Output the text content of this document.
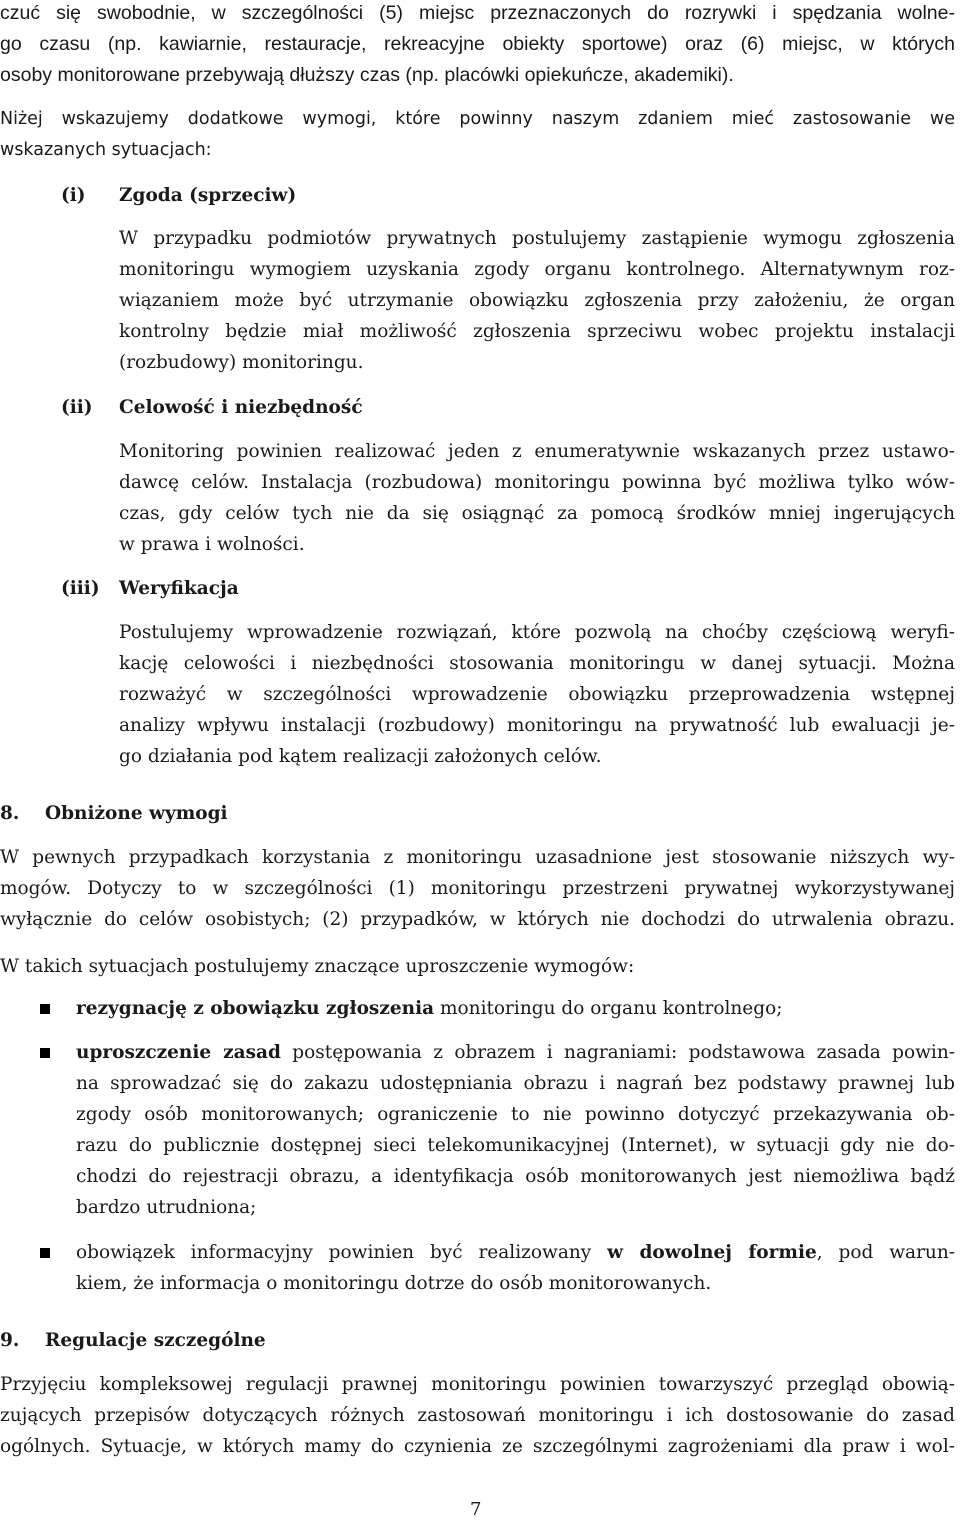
czuć się swobodnie, w szczególności (5) miejsc przeznaczonych do rozrywki i spędzania wolne-
go czasu (np. kawiarnie, restauracje, rekreacyjne obiekty sportowe) oraz (6) miejsc, w których
osoby monitorowane przebywają dłuższy czas (np. placówki opiekuńcze, akademiki).
Niżej wskazujemy dodatkowe wymogi, które powinny naszym zdaniem mieć zastosowanie we
wskazanych sytuacjach:
(i) Zgoda (sprzeciw)
W przypadku podmiotów prywatnych postulujemy zastąpienie wymogu zgłoszenia
monitoringu wymogiem uzyskania zgody organu kontrolnego. Alternatywnym roz-
wiązaniem może być utrzymanie obowiązku zgłoszenia przy założeniu, że organ
kontrolny będzie miał możliwość zgłoszenia sprzeciwu wobec projektu instalacji
(rozbudowy) monitoringu.
(ii) Celowość i niezbędność
Monitoring powinien realizować jeden z enumeratywnie wskazanych przez ustawo-
dawcę celów. Instalacja (rozbudowa) monitoringu powinna być możliwa tylko wów-
czas, gdy celów tych nie da się osiągnąć za pomocą środków mniej ingerujących
w prawa i wolności.
(iii) Weryfikacja
Postulujemy wprowadzenie rozwiązań, które pozwolą na choćby częściową weryfi-
kację celowości i niezbędności stosowania monitoringu w danej sytuacji. Można
rozważyć w szczególności wprowadzenie obowiązku przeprowadzenia wstępnej
analizy wpływu instalacji (rozbudowy) monitoringu na prywatność lub ewaluacji je-
go działania pod kątem realizacji założonych celów.
8. Obniżone wymogi
W pewnych przypadkach korzystania z monitoringu uzasadnione jest stosowanie niższych wy-
mogów. Dotyczy to w szczególności (1) monitoringu przestrzeni prywatnej wykorzystywanej
wyłącznie do celów osobistych; (2) przypadków, w których nie dochodzi do utrwalenia obrazu.
W takich sytuacjach postulujemy znaczące uproszczenie wymogów:
rezygnację z obowiązku zgłoszenia monitoringu do organu kontrolnego;
uproszczenie zasad postępowania z obrazem i nagraniami: podstawowa zasada powin-
na sprowadzać się do zakazu udostępniania obrazu i nagrań bez podstawy prawnej lub
zgody osób monitorowanych; ograniczenie to nie powinno dotyczyć przekazywania ob-
razu do publicznie dostępnej sieci telekomunikacyjnej (Internet), w sytuacji gdy nie do-
chodzi do rejestracji obrazu, a identyfikacja osób monitorowanych jest niemożliwa bądź
bardzo utrudniona;
obowiązek informacyjny powinien być realizowany w dowolnej formie, pod warun-
kiem, że informacja o monitoringu dotrze do osób monitorowanych.
9. Regulacje szczególne
Przyjęciu kompleksowej regulacji prawnej monitoringu powinien towarzyszyć przegląd obowią-
zujących przepisów dotyczących różnych zastosowań monitoringu i ich dostosowanie do zasad
ogólnych. Sytuacje, w których mamy do czynienia ze szczególnymi zagrożeniami dla praw i wol-
7
